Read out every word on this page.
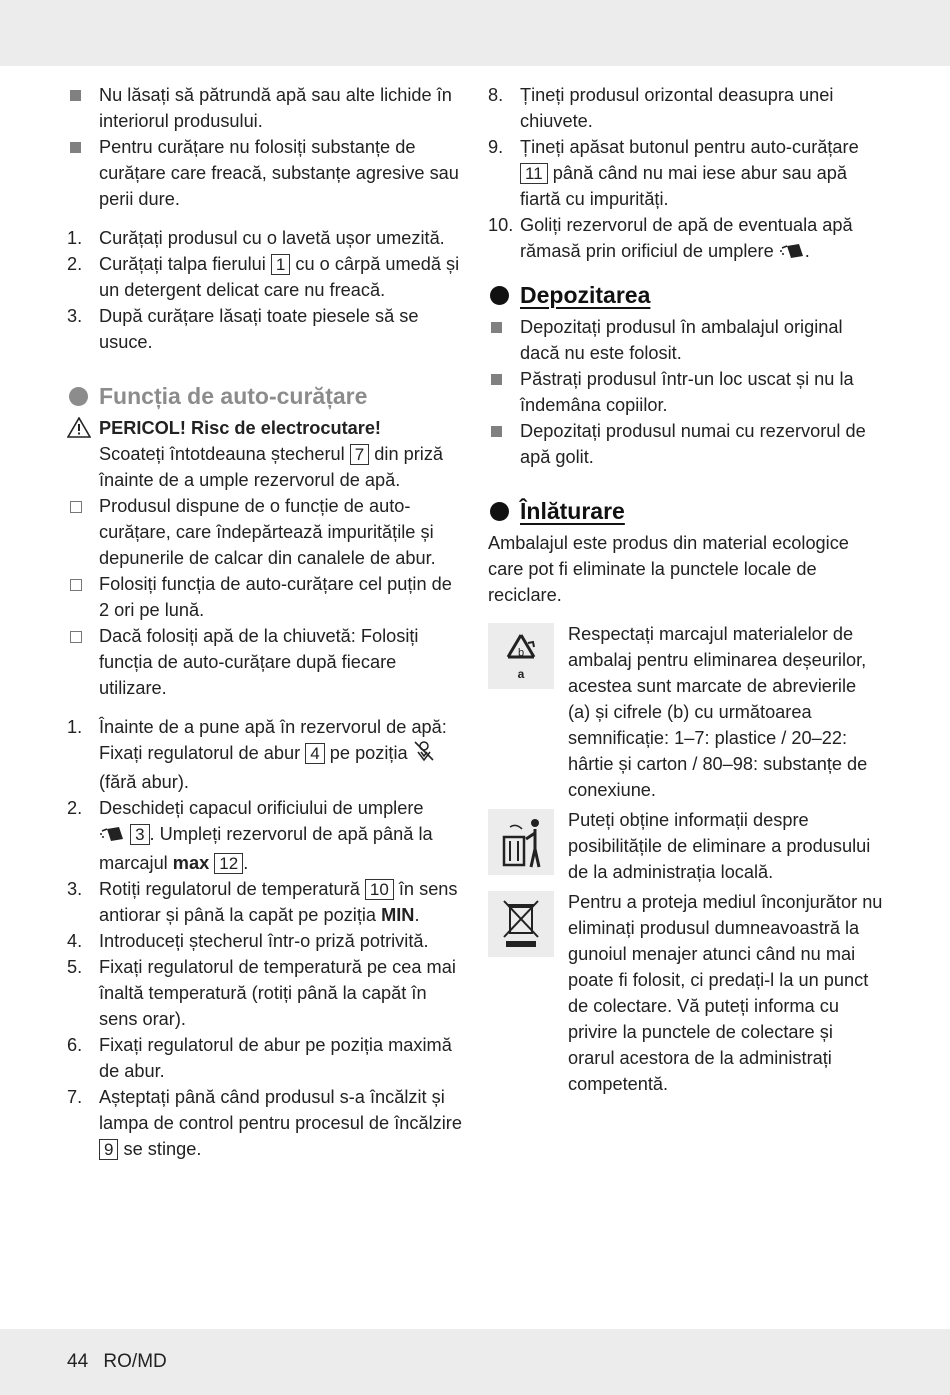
Nu lăsați să pătrundă apă sau alte lichide în interiorul produsului.
Pentru curățare nu folosiți substanțe de curățare care freacă, substanțe agresive sau perii dure.
1. Curățați produsul cu o lavetă ușor umezită.
2. Curățați talpa fierului 1 cu o cârpă umedă și un detergent delicat care nu freacă.
3. După curățare lăsați toate piesele să se usuce.
Funcția de auto-curățare
PERICOL! Risc de electrocutare!
Scoateți întotdeauna ștecherul 7 din priză înainte de a umple rezervorul de apă.
Produsul dispune de o funcție de auto-curățare, care îndepărtează impuritățile și depunerile de calcar din canalele de abur.
Folosiți funcția de auto-curățare cel puțin de 2 ori pe lună.
Dacă folosiți apă de la chiuvetă: Folosiți funcția de auto-curățare după fiecare utilizare.
1. Înainte de a pune apă în rezervorul de apă: Fixați regulatorul de abur 4 pe poziția  (fără abur).
2. Deschideți capacul orificiului de umplere
3 . Umpleți rezervorul de apă până la marcajul max 12 .
3. Rotiți regulatorul de temperatură 10 în sens antiorar și până la capăt pe poziția MIN.
4. Introduceți ștecherul într-o priză potrivită.
5. Fixați regulatorul de temperatură pe cea mai înaltă temperatură (rotiți până la capăt în sens orar).
6. Fixați regulatorul de abur pe poziția maximă de abur.
7. Așteptați până când produsul s-a încălzit și lampa de control pentru procesul de încălzire 9 se stinge.
8. Țineți produsul orizontal deasupra unei chiuvete.
9. Țineți apăsat butonul pentru auto-curățare 11 până când nu mai iese abur sau apă fiartă cu impurități.
10. Goliți rezervorul de apă de eventuala apă rămasă prin orificiul de umplere .
Depozitarea
Depozitați produsul în ambalajul original dacă nu este folosit.
Păstrați produsul într-un loc uscat și nu la îndemâna copiilor.
Depozitați produsul numai cu rezervorul de apă golit.
Înlăturare
Ambalajul este produs din material ecologice care pot fi eliminate la punctele locale de reciclare.
b
a
Respectați marcajul materialelor de ambalaj pentru eliminarea deșeurilor, acestea sunt marcate de abrevierile (a) și cifrele (b) cu următoarea semnificație: 1–7: plastice / 20–22: hârtie și carton / 80–98: substanțe de conexiune.
Puteți obține informații despre posibilitățile de eliminare a produsului de la administrația locală.
Pentru a proteja mediul înconjurător nu eliminați produsul dumneavoastră la gunoiul menajer atunci când nu mai poate fi folosit, ci predați-l la un punct de colectare. Vă puteți informa cu privire la punctele de colectare și orarul acestora de la administrați competentă.
44 RO/MD
